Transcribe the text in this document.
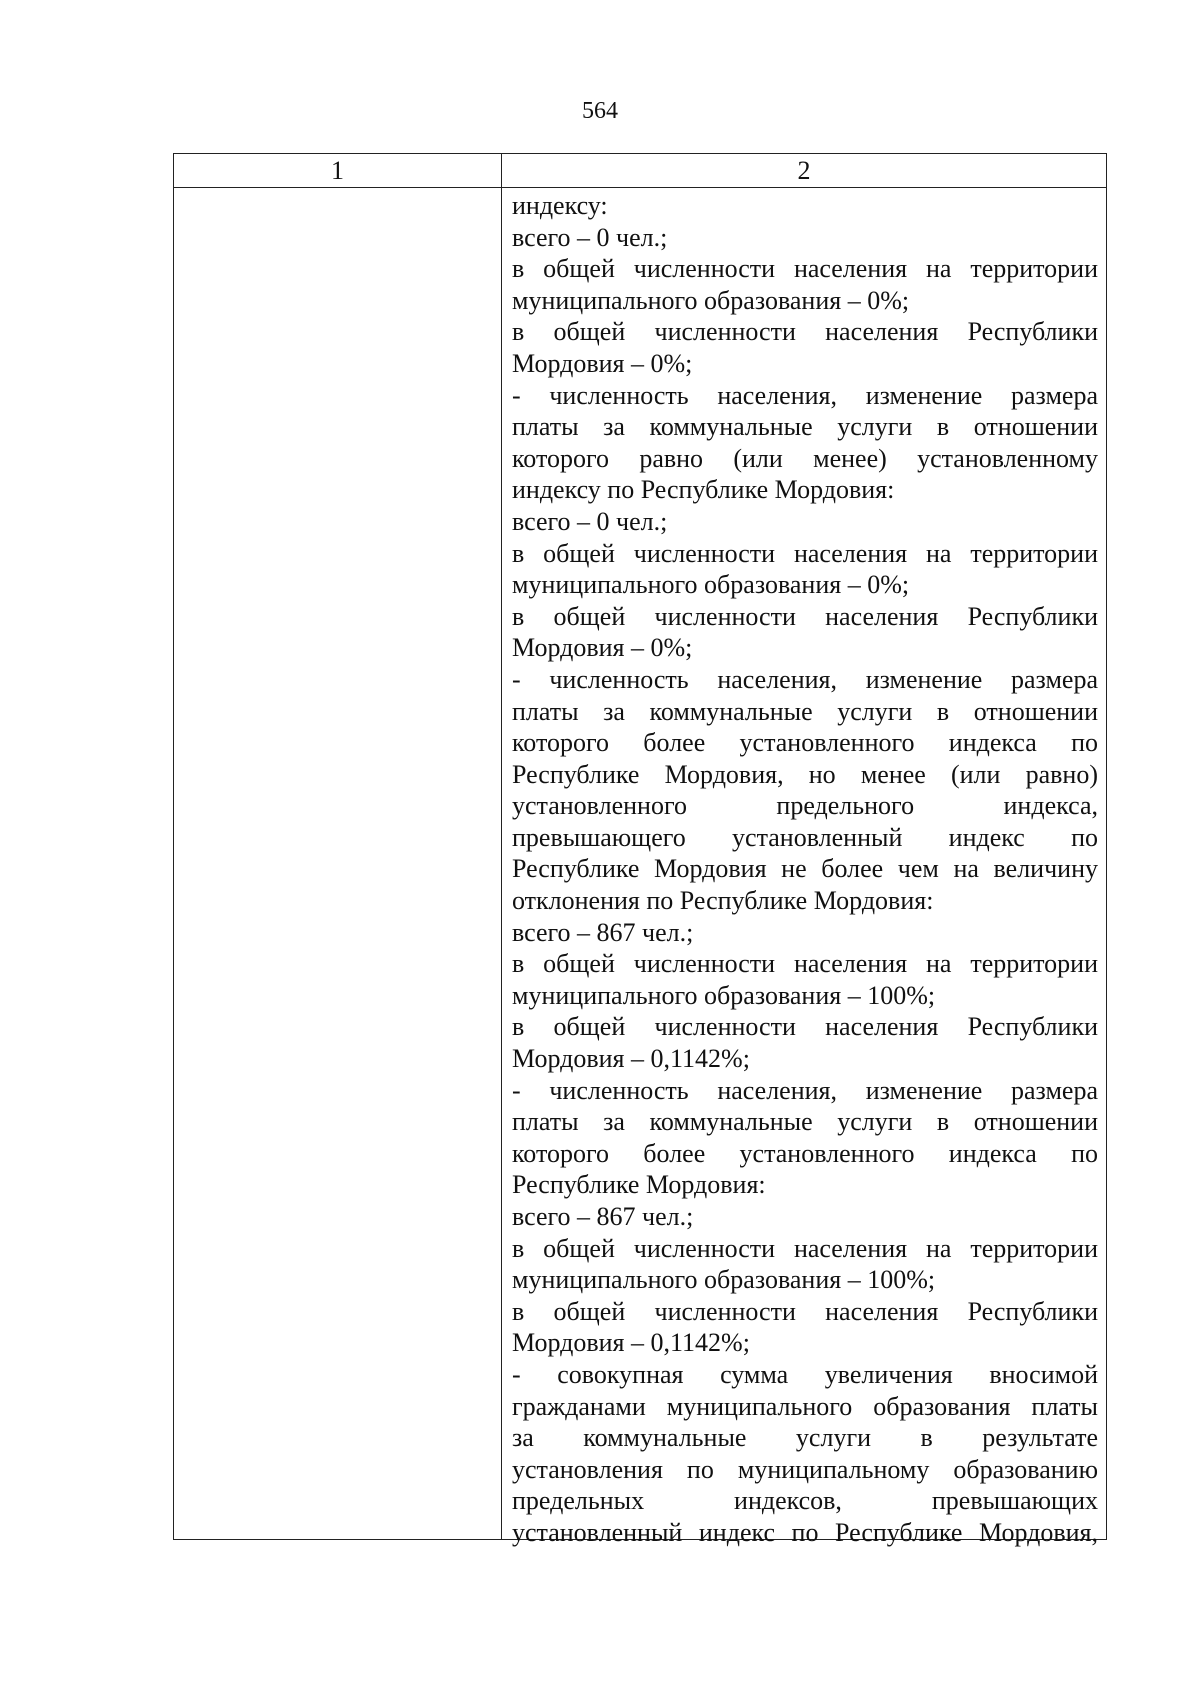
564
1	2
индексу:
всего – 0 чел.;
в общей численности населения на территории
муниципального образования – 0%;
в общей численности населения Республики
Мордовия – 0%;
- численность населения, изменение размера
платы за коммунальные услуги в отношении
которого равно (или менее) установленному
индексу по Республике Мордовия:
всего – 0 чел.;
в общей численности населения на территории
муниципального образования – 0%;
в общей численности населения Республики
Мордовия – 0%;
- численность населения, изменение размера
платы за коммунальные услуги в отношении
которого более установленного индекса по
Республике Мордовия, но менее (или равно)
установленного предельного индекса,
превышающего установленный индекс по
Республике Мордовия не более чем на величину
отклонения по Республике Мордовия:
всего – 867 чел.;
в общей численности населения на территории
муниципального образования – 100%;
в общей численности населения Республики
Мордовия – 0,1142%;
- численность населения, изменение размера
платы за коммунальные услуги в отношении
которого более установленного индекса по
Республике Мордовия:
всего – 867 чел.;
в общей численности населения на территории
муниципального образования – 100%;
в общей численности населения Республики
Мордовия – 0,1142%;
- совокупная сумма увеличения вносимой
гражданами муниципального образования платы
за коммунальные услуги в результате
установления по муниципальному образованию
предельных индексов, превышающих
установленный индекс по Республике Мордовия,
